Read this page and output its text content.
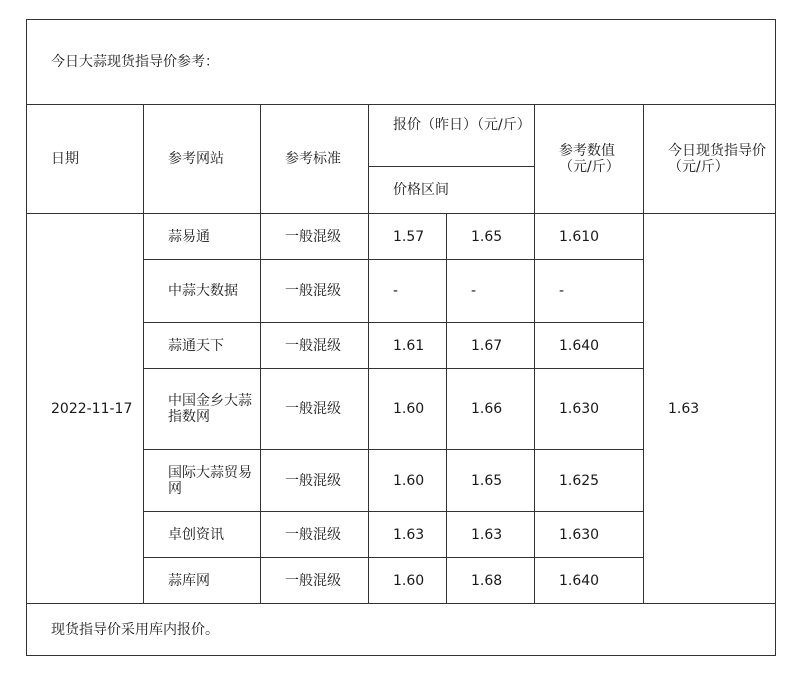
今日大蒜现货指导价参考：						
日期	参考网站	参考标准	报价（昨日）（元/斤）		参考数值（元/斤）	今日现货指导价（元/斤）
			价格区间			
2022-11-17	蒜易通	一般混级	1.57	1.65	1.610	1.63
	中蒜大数据	一般混级	-	-	-	
	蒜通天下	一般混级	1.61	1.67	1.640	
	中国金乡大蒜指数网	一般混级	1.60	1.66	1.630	
	国际大蒜贸易网	一般混级	1.60	1.65	1.625	
	卓创资讯	一般混级	1.63	1.63	1.630	
	蒜库网	一般混级	1.60	1.68	1.640	
现货指导价采用库内报价。						
